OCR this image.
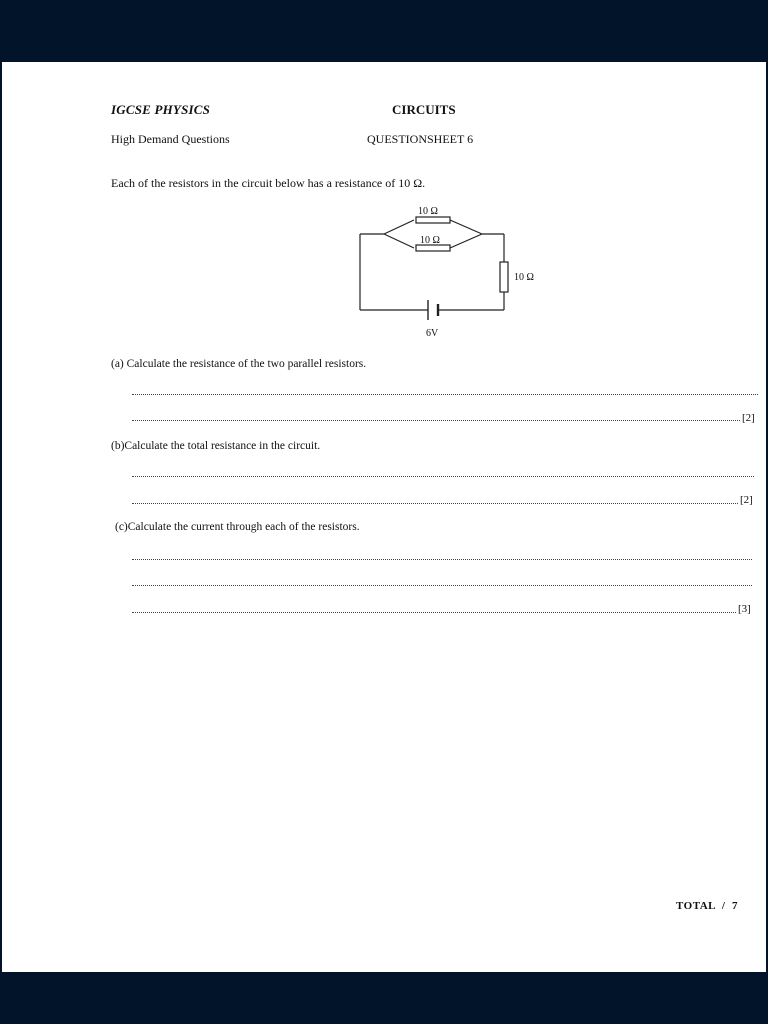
IGCSE PHYSICS	CIRCUITS
High Demand Questions	QUESTIONSHEET 6
Each of the resistors in the circuit below has a resistance of 10 Ω.
10 Ω
10 Ω
10 Ω
6V
(a) Calculate the resistance of the two parallel resistors.
[2]
(b)Calculate the total resistance in the circuit.
[2]
(c)Calculate the current through each of the resistors.
[3]
TOTAL  /  7
